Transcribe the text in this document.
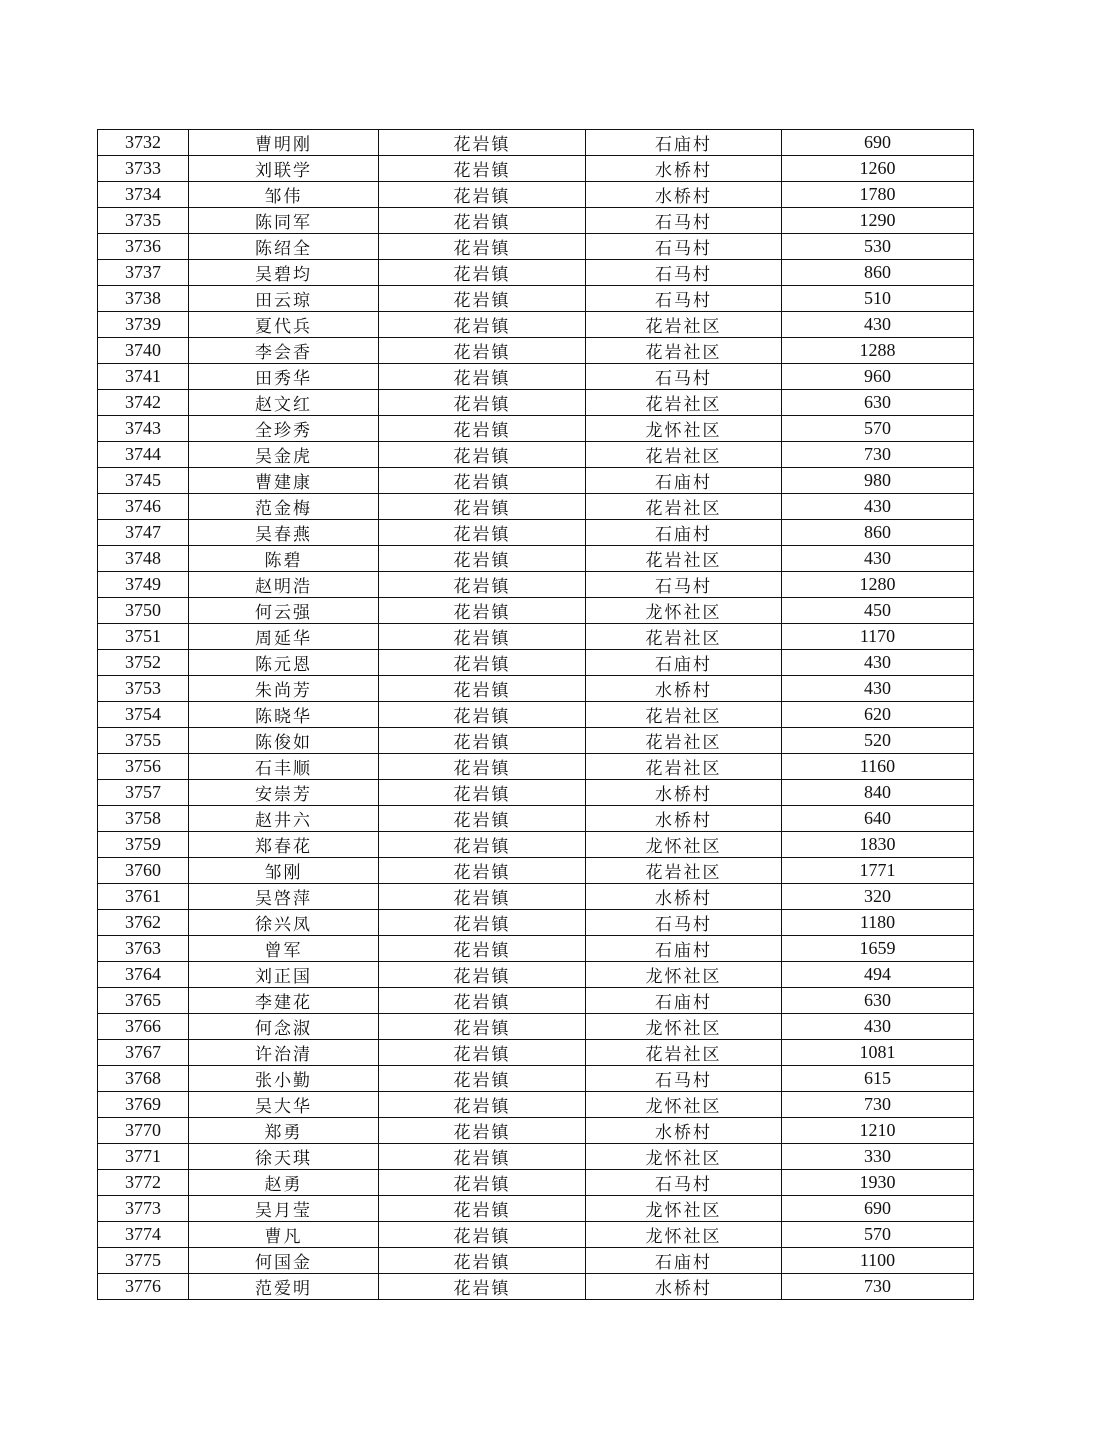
3732	曹明刚	花岩镇	石庙村	690
3733	刘联学	花岩镇	水桥村	1260
3734	邹伟	花岩镇	水桥村	1780
3735	陈同军	花岩镇	石马村	1290
3736	陈绍全	花岩镇	石马村	530
3737	吴碧均	花岩镇	石马村	860
3738	田云琼	花岩镇	石马村	510
3739	夏代兵	花岩镇	花岩社区	430
3740	李会香	花岩镇	花岩社区	1288
3741	田秀华	花岩镇	石马村	960
3742	赵文红	花岩镇	花岩社区	630
3743	全珍秀	花岩镇	龙怀社区	570
3744	吴金虎	花岩镇	花岩社区	730
3745	曹建康	花岩镇	石庙村	980
3746	范金梅	花岩镇	花岩社区	430
3747	吴春燕	花岩镇	石庙村	860
3748	陈碧	花岩镇	花岩社区	430
3749	赵明浩	花岩镇	石马村	1280
3750	何云强	花岩镇	龙怀社区	450
3751	周延华	花岩镇	花岩社区	1170
3752	陈元恩	花岩镇	石庙村	430
3753	朱尚芳	花岩镇	水桥村	430
3754	陈晓华	花岩镇	花岩社区	620
3755	陈俊如	花岩镇	花岩社区	520
3756	石丰顺	花岩镇	花岩社区	1160
3757	安崇芳	花岩镇	水桥村	840
3758	赵井六	花岩镇	水桥村	640
3759	郑春花	花岩镇	龙怀社区	1830
3760	邹刚	花岩镇	花岩社区	1771
3761	吴啓萍	花岩镇	水桥村	320
3762	徐兴凤	花岩镇	石马村	1180
3763	曾军	花岩镇	石庙村	1659
3764	刘正国	花岩镇	龙怀社区	494
3765	李建花	花岩镇	石庙村	630
3766	何念淑	花岩镇	龙怀社区	430
3767	许治清	花岩镇	花岩社区	1081
3768	张小勤	花岩镇	石马村	615
3769	吴大华	花岩镇	龙怀社区	730
3770	郑勇	花岩镇	水桥村	1210
3771	徐天琪	花岩镇	龙怀社区	330
3772	赵勇	花岩镇	石马村	1930
3773	吴月莹	花岩镇	龙怀社区	690
3774	曹凡	花岩镇	龙怀社区	570
3775	何国金	花岩镇	石庙村	1100
3776	范爱明	花岩镇	水桥村	730
